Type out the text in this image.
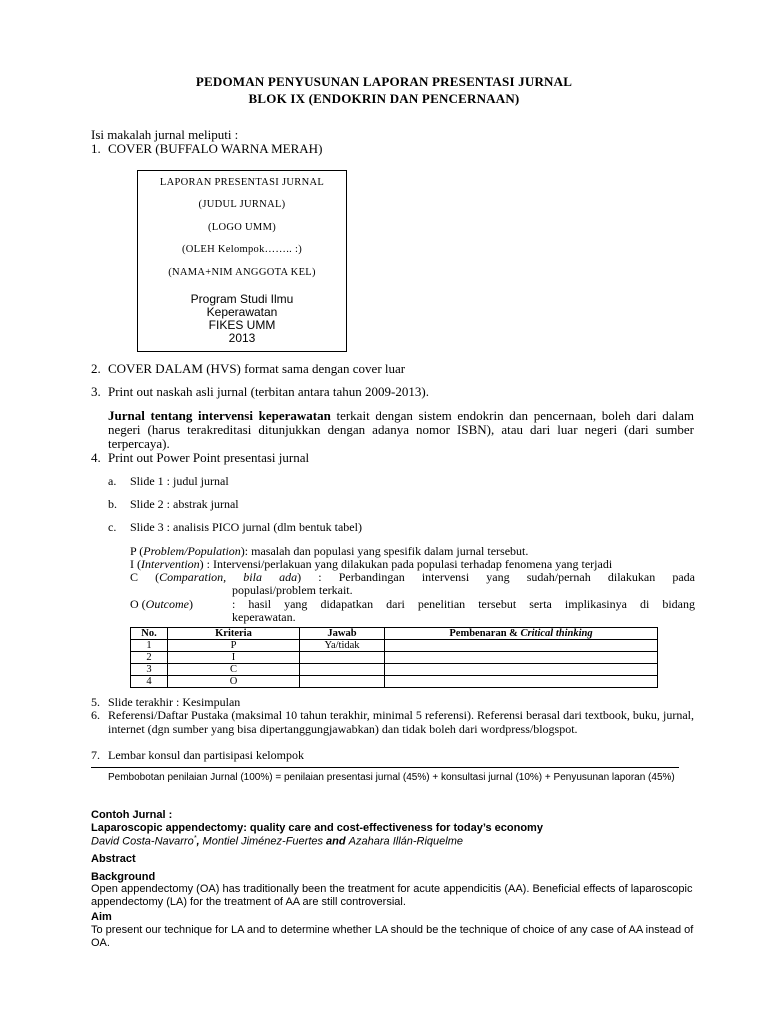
PEDOMAN PENYUSUNAN LAPORAN PRESENTASI JURNAL
BLOK IX (ENDOKRIN DAN PENCERNAAN)
Isi makalah jurnal meliputi :
1. COVER (BUFFALO WARNA MERAH)
LAPORAN PRESENTASI JURNAL
(JUDUL JURNAL)
(LOGO UMM)
(OLEH Kelompok…….. :)
(NAMA+NIM ANGGOTA KEL)
Program Studi Ilmu
Keperawatan
FIKES UMM
2013
2. COVER DALAM (HVS) format sama dengan cover luar
3. Print out naskah asli jurnal (terbitan antara tahun 2009-2013).
Jurnal tentang intervensi keperawatan terkait dengan sistem endokrin dan pencernaan, boleh dari dalam negeri (harus terakreditasi ditunjukkan dengan adanya nomor ISBN), atau dari luar negeri (dari sumber terpercaya).
4. Print out Power Point presentasi jurnal
a. Slide 1 : judul jurnal
b. Slide 2 : abstrak jurnal
c. Slide 3 : analisis PICO jurnal (dlm bentuk tabel)
P (Problem/Population): masalah dan populasi yang spesifik dalam jurnal tersebut.
I (Intervention) : Intervensi/perlakuan yang dilakukan pada populasi terhadap fenomena yang terjadi
C (Comparation, bila ada) : Perbandingan intervensi yang sudah/pernah dilakukan pada
populasi/problem terkait.
O (Outcome)	: hasil yang didapatkan dari penelitian tersebut serta implikasinya di bidang
keperawatan.
No.	Kriteria	Jawab	Pembenaran & Critical thinking
1	P	Ya/tidak	
2	I		
3	C		
4	O		
5. Slide terakhir : Kesimpulan
6. Referensi/Daftar Pustaka (maksimal 10 tahun terakhir, minimal 5 referensi). Referensi berasal dari textbook, buku, jurnal, internet (dgn sumber yang bisa dipertanggungjawabkan) dan tidak boleh dari wordpress/blogspot.
7. Lembar konsul dan partisipasi kelompok
Pembobotan penilaian Jurnal (100%) = penilaian presentasi jurnal (45%) + konsultasi jurnal (10%) + Penyusunan laporan (45%)
Contoh Jurnal :
Laparoscopic appendectomy: quality care and cost-effectiveness for today’s economy
David Costa-Navarro*, Montiel Jiménez-Fuertes and Azahara Illán-Riquelme
Abstract
Background
Open appendectomy (OA) has traditionally been the treatment for acute appendicitis (AA). Beneficial effects of laparoscopic appendectomy (LA) for the treatment of AA are still controversial.
Aim
To present our technique for LA and to determine whether LA should be the technique of choice of any case of AA instead of OA.
